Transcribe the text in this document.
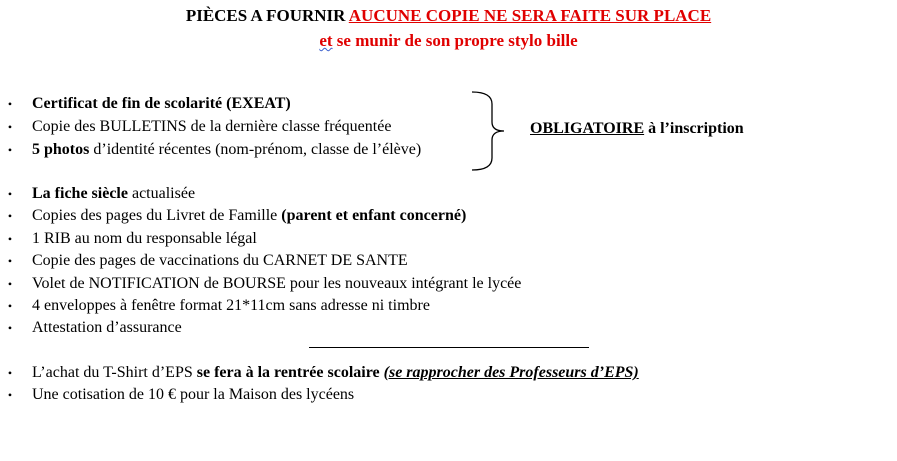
PIÈCES A FOURNIR AUCUNE COPIE NE SERA FAITE SUR PLACE
et se munir de son propre stylo bille
• Certificat de fin de scolarité (EXEAT)
• Copie des BULLETINS de la dernière classe fréquentée
• 5 photos d’identité récentes (nom-prénom, classe de l’élève)
OBLIGATOIRE à l’inscription
• La fiche siècle actualisée
• Copies des pages du Livret de Famille (parent et enfant concerné)
• 1 RIB au nom du responsable légal
• Copie des pages de vaccinations du CARNET DE SANTE
• Volet de NOTIFICATION de BOURSE pour les nouveaux intégrant le lycée
• 4 enveloppes à fenêtre format 21*11cm sans adresse ni timbre
• Attestation d’assurance
• L’achat du T-Shirt d’EPS se fera à la rentrée scolaire (se rapprocher des Professeurs d’EPS)
• Une cotisation de 10 € pour la Maison des lycéens
